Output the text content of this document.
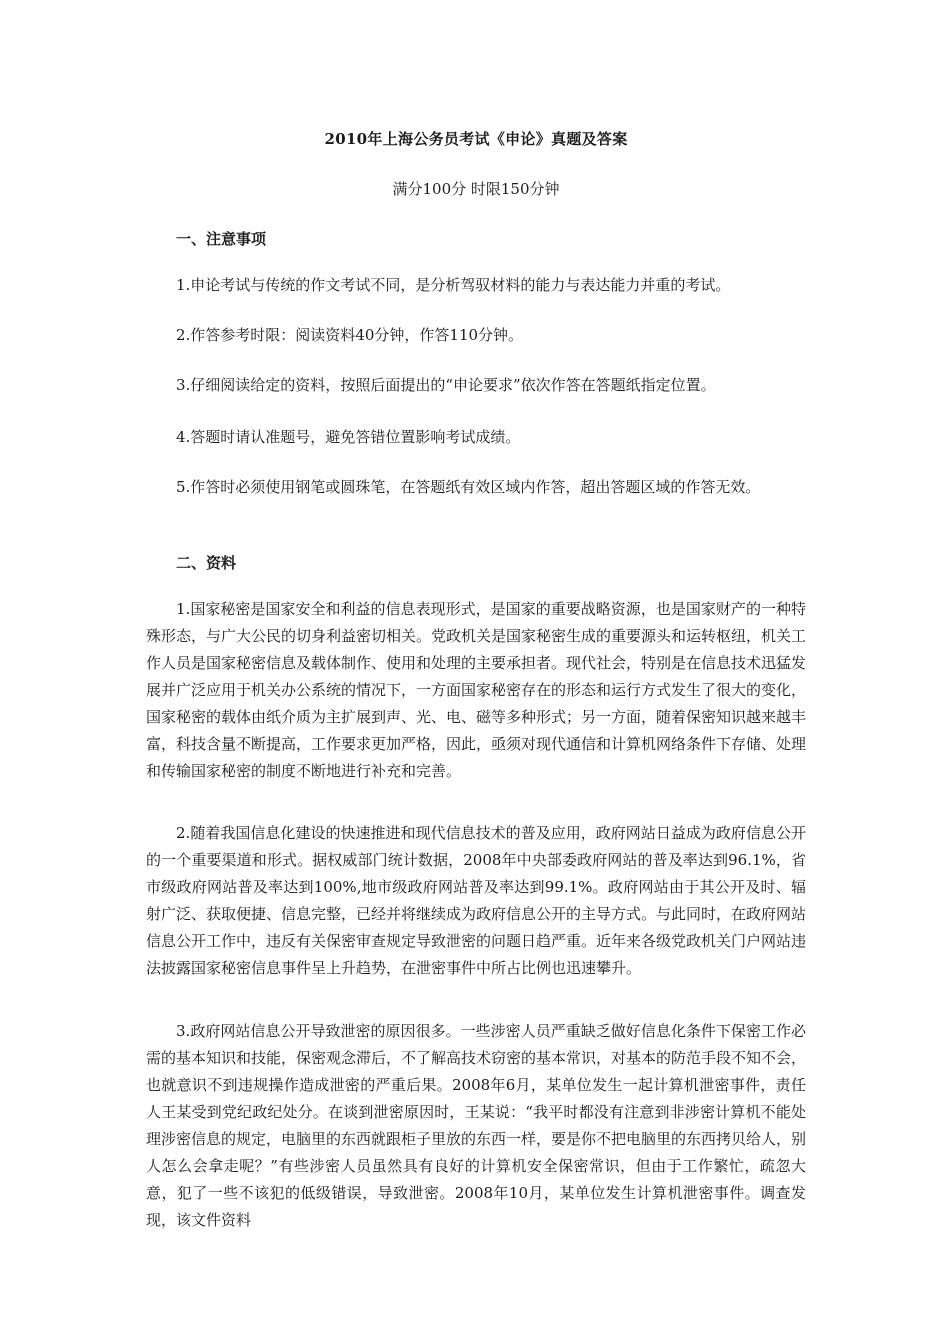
2010年上海公务员考试《申论》真题及答案
满分100分 时限150分钟
一、注意事项
1.申论考试与传统的作文考试不同，是分析驾驭材料的能力与表达能力并重的考试。
2.作答参考时限：阅读资料40分钟，作答110分钟。
3.仔细阅读给定的资料，按照后面提出的“申论要求”依次作答在答题纸指定位置。
4.答题时请认准题号，避免答错位置影响考试成绩。
5.作答时必须使用钢笔或圆珠笔，在答题纸有效区域内作答，超出答题区域的作答无效。
二、资料
1.国家秘密是国家安全和利益的信息表现形式，是国家的重要战略资源，也是国家财产的一种特殊形态，与广大公民的切身利益密切相关。党政机关是国家秘密生成的重要源头和运转枢纽，机关工作人员是国家秘密信息及载体制作、使用和处理的主要承担者。现代社会，特别是在信息技术迅猛发展并广泛应用于机关办公系统的情况下，一方面国家秘密存在的形态和运行方式发生了很大的变化，国家秘密的载体由纸介质为主扩展到声、光、电、磁等多种形式；另一方面，随着保密知识越来越丰富，科技含量不断提高，工作要求更加严格，因此，亟须对现代通信和计算机网络条件下存储、处理和传输国家秘密的制度不断地进行补充和完善。
2.随着我国信息化建设的快速推进和现代信息技术的普及应用，政府网站日益成为政府信息公开的一个重要渠道和形式。据权威部门统计数据，2008年中央部委政府网站的普及率达到96.1%，省市级政府网站普及率达到100%,地市级政府网站普及率达到99.1%。政府网站由于其公开及时、辐射广泛、获取便捷、信息完整，已经并将继续成为政府信息公开的主导方式。与此同时，在政府网站信息公开工作中，违反有关保密审查规定导致泄密的问题日趋严重。近年来各级党政机关门户网站违法披露国家秘密信息事件呈上升趋势，在泄密事件中所占比例也迅速攀升。
3.政府网站信息公开导致泄密的原因很多。一些涉密人员严重缺乏做好信息化条件下保密工作必需的基本知识和技能，保密观念滞后，不了解高技术窃密的基本常识，对基本的防范手段不知不会，也就意识不到违规操作造成泄密的严重后果。2008年6月，某单位发生一起计算机泄密事件，责任人王某受到党纪政纪处分。在谈到泄密原因时，王某说：“我平时都没有注意到非涉密计算机不能处理涉密信息的规定，电脑里的东西就跟柜子里放的东西一样，要是你不把电脑里的东西拷贝给人，别人怎么会拿走呢？”有些涉密人员虽然具有良好的计算机安全保密常识，但由于工作繁忙，疏忽大意，犯了一些不该犯的低级错误，导致泄密。2008年10月，某单位发生计算机泄密事件。调查发现，该文件资料
